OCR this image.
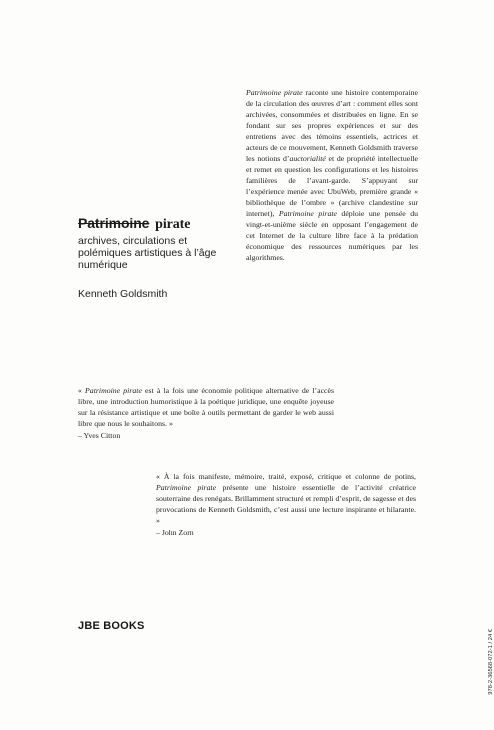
Patrimoine pirate

archives, circulations et polémiques artistiques à l’âge numérique
Kenneth Goldsmith
Patrimoine pirate raconte une histoire contemporaine de la circulation des œuvres d’art : comment elles sont archivées, consommées et distribuées en ligne. En se fondant sur ses propres expériences et sur des entretiens avec des témoins essentiels, actrices et acteurs de ce mouvement, Kenneth Goldsmith traverse les notions d’auctorialité et de propriété intellectuelle et remet en question les configurations et les histoires familières de l’avant-garde. S’appuyant sur l’expérience menée avec UbuWeb, première grande « bibliothèque de l’ombre » (archive clandestine sur internet), Patrimoine pirate déploie une pensée du vingt-et-unième siècle en opposant l’engagement de cet Internet de la culture libre face à la prédation économique des ressources numériques par les algorithmes.
« Patrimoine pirate est à la fois une économie politique alternative de l’accès libre, une introduction humoristique à la poétique juridique, une enquête joyeuse sur la résistance artistique et une boîte à outils permettant de garder le web aussi libre que nous le souhaitons. »
– Yves Citton
« À la fois manifeste, mémoire, traité, exposé, critique et colonne de potins, Patrimoine pirate présente une histoire essentielle de l’activité créatrice souterraine des renégats. Brillamment structuré et rempli d’esprit, de sagesse et des provocations de Kenneth Goldsmith, c’est aussi une lecture inspirante et hilarante. »
– John Zorn
JBE BOOKS
978-2-36568-072-1 / 24 €
